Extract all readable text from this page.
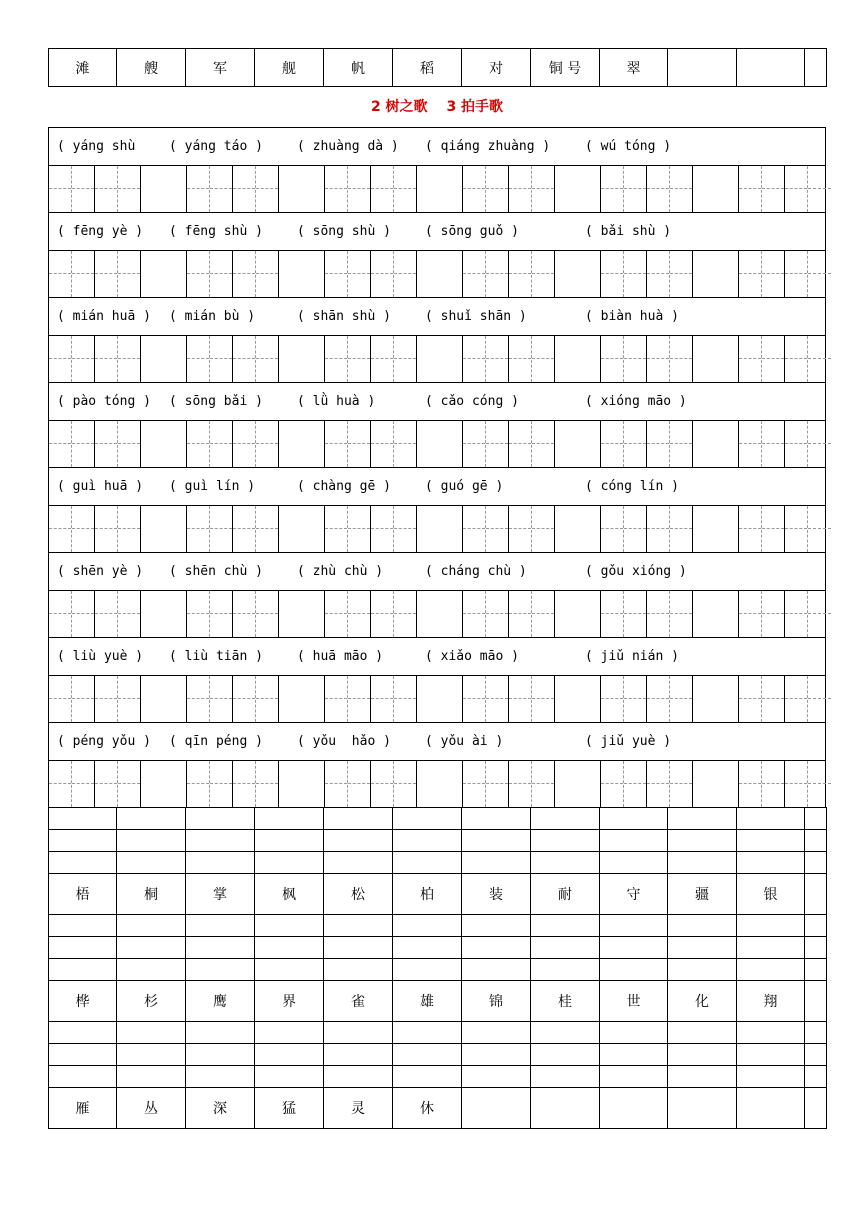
滩	艘	军	舰	帆	稻	对	铜 号	翠			
2 树之歌 3 拍手歌
( yáng shù	( yáng táo )	( zhuàng dà ) ( qiáng zhuàng )	( wú tóng )
( fēng yè ) ( fēng shù )	( sōng shù )	( sōng guǒ )	( bǎi shù )
( mián huā ) ( mián bù )	( shān shù )	( shuǐ shān )	( biàn huà )
( pào tóng ) ( sōng bǎi )	( lǜ huà )	( cǎo cóng )	( xióng māo )
( guì huā ) ( guì lín )	( chàng gē )	( guó gē )	( cóng lín )
( shēn yè ) ( shēn chù )	( zhù chù )	( cháng chù )	( gǒu xióng )
( liù yuè ) ( liù tiān )	( huā māo )	( xiǎo māo )	( jiǔ nián )
( péng yǒu ) ( qīn péng )	( yǒu  hǎo )	( yǒu ài )	( jiǔ yuè )

梧	桐	掌	枫	松	柏	装	耐	守	疆	银	

桦	杉	鹰	界	雀	雄	锦	桂	世	化	翔	

雁	丛	深	猛	灵	休						
